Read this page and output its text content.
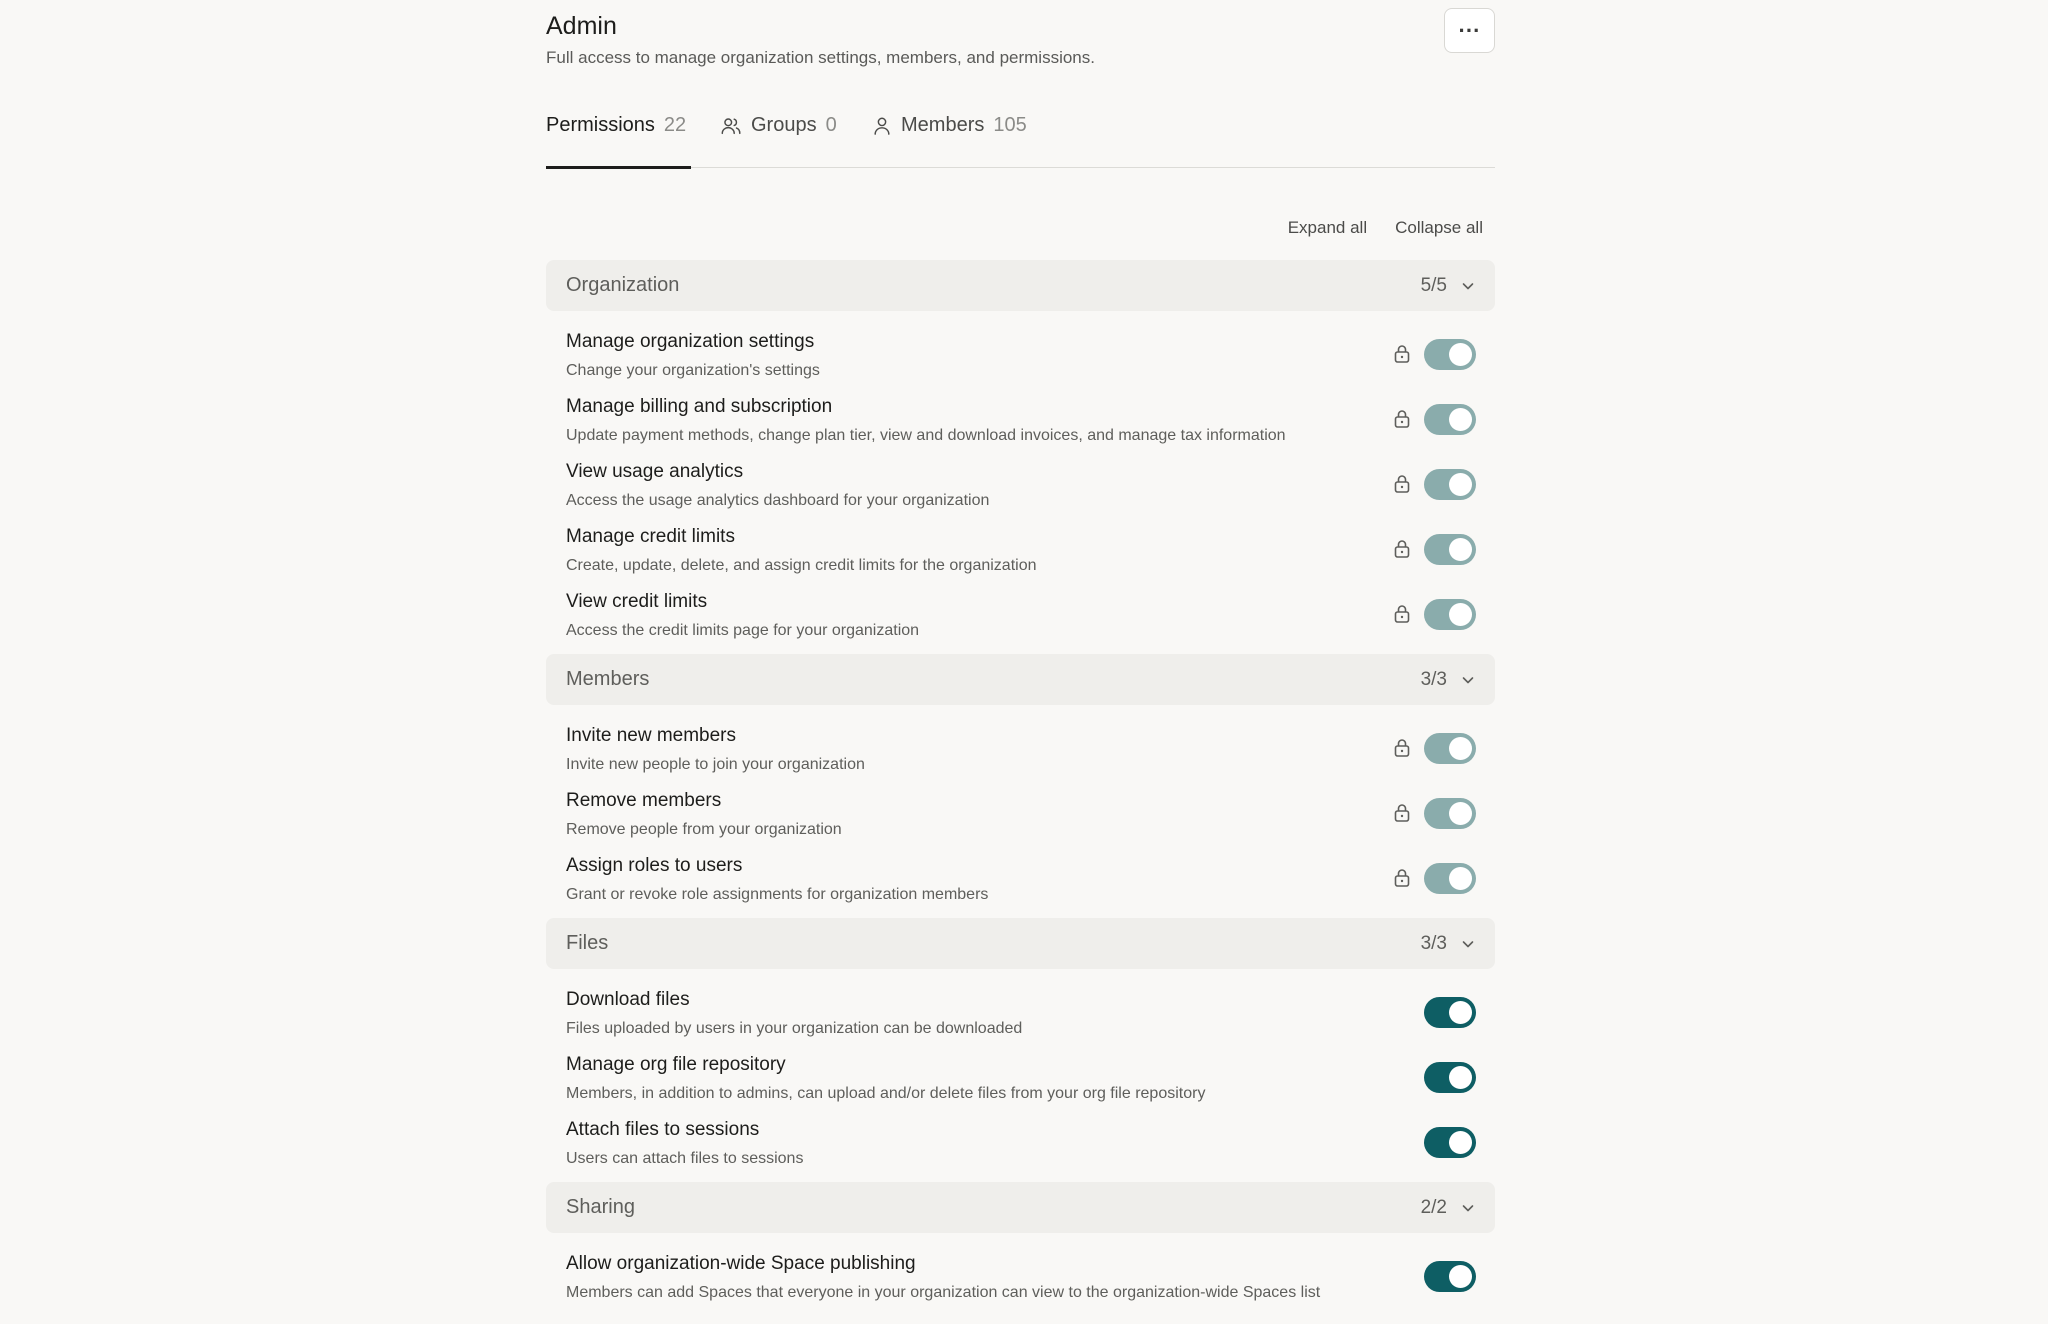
Admin
Full access to manage organization settings, members, and permissions.
···
Permissions 22	Groups 0	Members 105
Expand all Collapse all
Organization	5/5
Manage organization settings
Change your organization's settings
Manage billing and subscription
Update payment methods, change plan tier, view and download invoices, and manage tax information
View usage analytics
Access the usage analytics dashboard for your organization
Manage credit limits
Create, update, delete, and assign credit limits for the organization
View credit limits
Access the credit limits page for your organization
Members	3/3
Invite new members
Invite new people to join your organization
Remove members
Remove people from your organization
Assign roles to users
Grant or revoke role assignments for organization members
Files	3/3
Download files
Files uploaded by users in your organization can be downloaded
Manage org file repository
Members, in addition to admins, can upload and/or delete files from your org file repository
Attach files to sessions
Users can attach files to sessions
Sharing	2/2
Allow organization-wide Space publishing
Members can add Spaces that everyone in your organization can view to the organization-wide Spaces list
